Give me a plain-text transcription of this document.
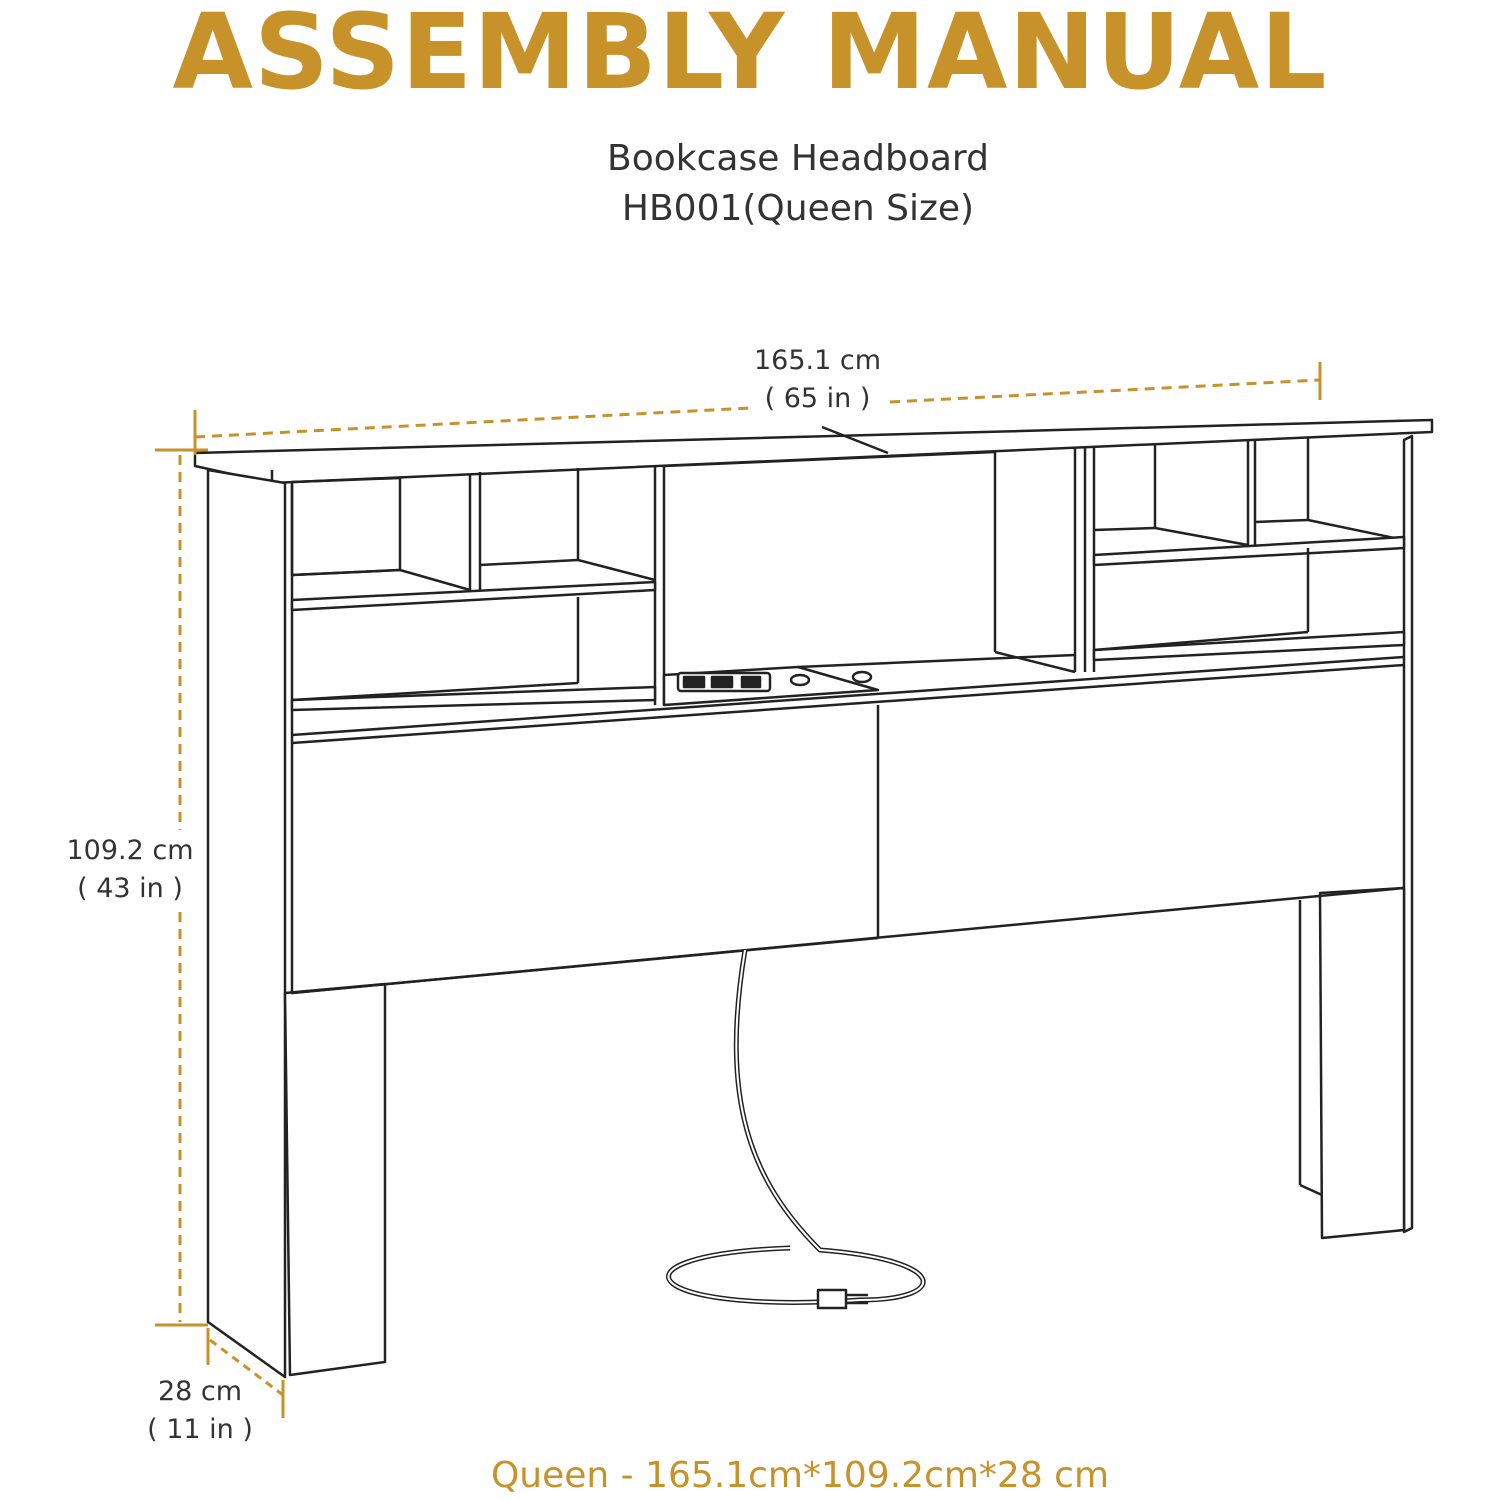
ASSEMBLY MANUAL
Bookcase Headboard
HB001(Queen Size)
165.1 cm
( 65 in )
109.2 cm
( 43 in )
28 cm
( 11 in )
Queen - 165.1cm*109.2cm*28 cm
